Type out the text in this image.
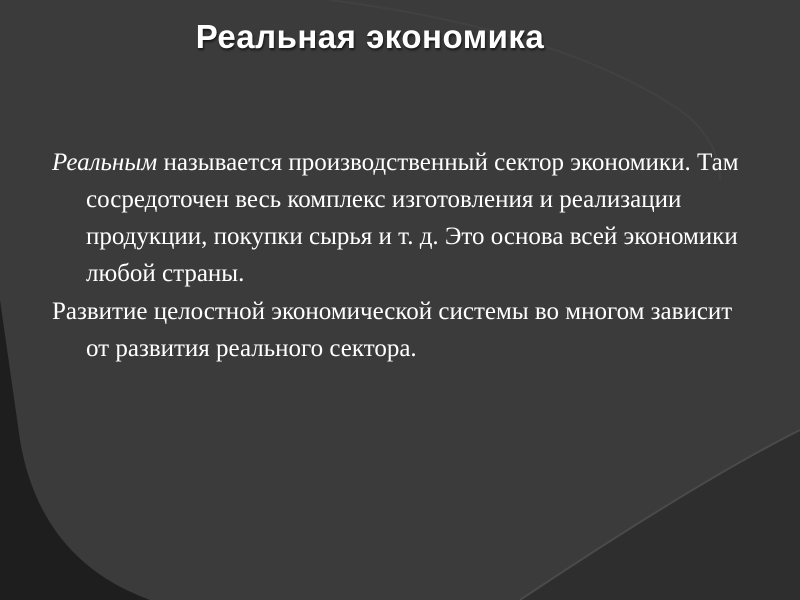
Реальная экономика

Реальным называется производственный сектор экономики. Там сосредоточен весь комплекс изготовления и реализации продукции, покупки сырья и т. д. Это основа всей экономики любой страны.

Развитие целостной экономической системы во многом зависит от развития реального сектора.
